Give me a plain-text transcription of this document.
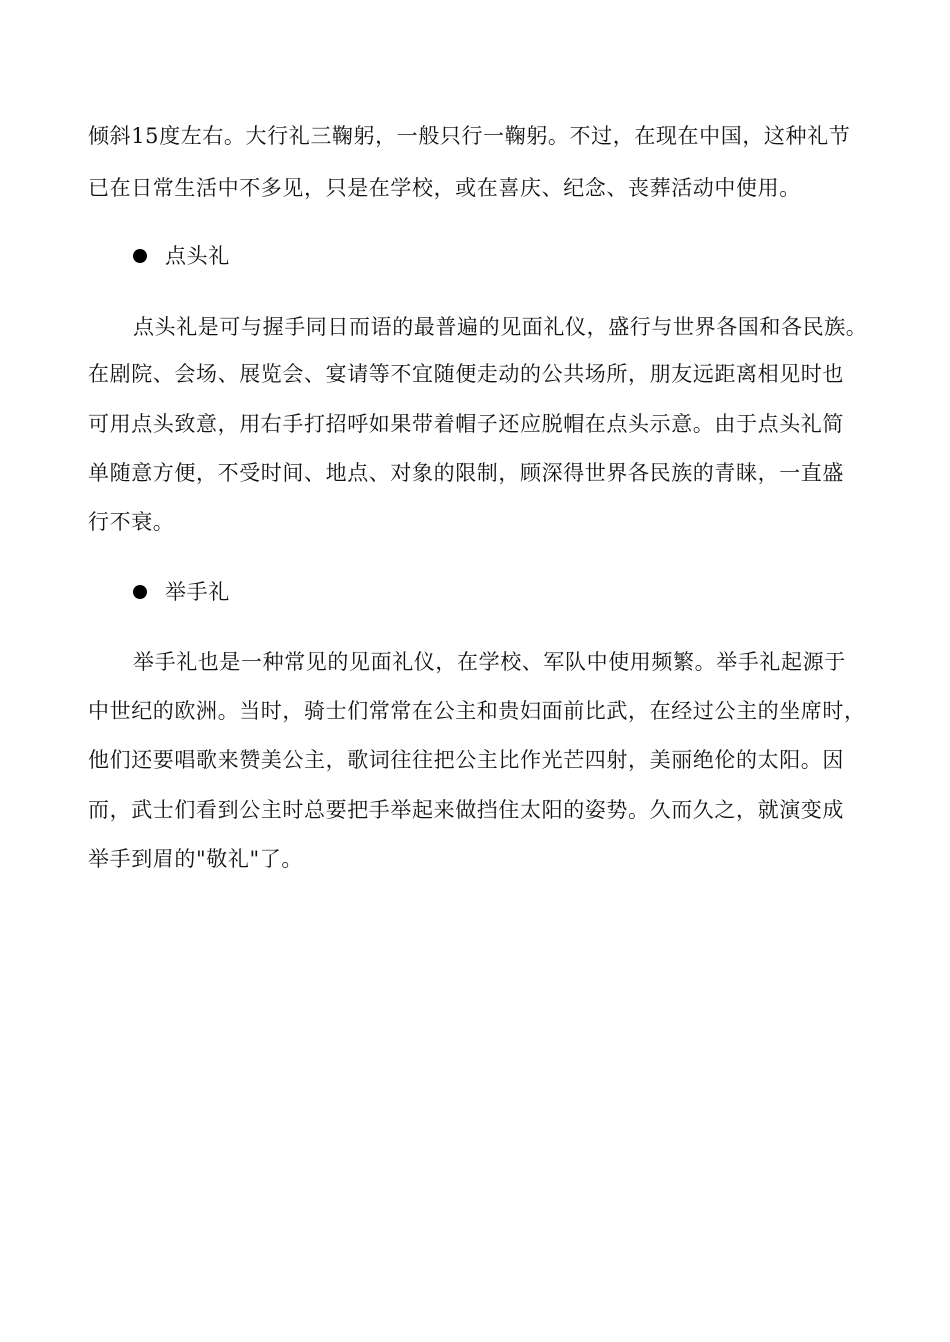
倾斜15度左右。大行礼三鞠躬，一般只行一鞠躬。不过，在现在中国，这种礼节
已在日常生活中不多见，只是在学校，或在喜庆、纪念、丧葬活动中使用。
点头礼
点头礼是可与握手同日而语的最普遍的见面礼仪，盛行与世界各国和各民族。
在剧院、会场、展览会、宴请等不宜随便走动的公共场所，朋友远距离相见时也
可用点头致意，用右手打招呼如果带着帽子还应脱帽在点头示意。由于点头礼简
单随意方便，不受时间、地点、对象的限制，顾深得世界各民族的青睐，一直盛
行不衰。
举手礼
举手礼也是一种常见的见面礼仪，在学校、军队中使用频繁。举手礼起源于
中世纪的欧洲。当时，骑士们常常在公主和贵妇面前比武，在经过公主的坐席时，
他们还要唱歌来赞美公主，歌词往往把公主比作光芒四射，美丽绝伦的太阳。因
而，武士们看到公主时总要把手举起来做挡住太阳的姿势。久而久之，就演变成
举手到眉的"敬礼"了。
